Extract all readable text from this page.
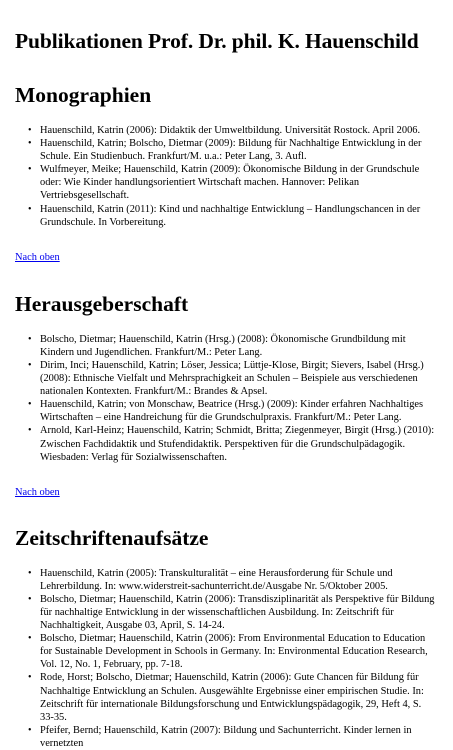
Publikationen Prof. Dr. phil. K. Hauenschild
Monographien
• Hauenschild, Katrin (2006): Didaktik der Umweltbildung. Universität Rostock. April 2006.
• Hauenschild, Katrin; Bolscho, Dietmar (2009): Bildung für Nachhaltige Entwicklung in der Schule. Ein Studienbuch. Frankfurt/M. u.a.: Peter Lang, 3. Aufl.
• Wulfmeyer, Meike; Hauenschild, Katrin (2009): Ökonomische Bildung in der Grundschule oder: Wie Kinder handlungsorientiert Wirtschaft machen. Hannover: Pelikan Vertriebsgesellschaft.
• Hauenschild, Katrin (2011): Kind und nachhaltige Entwicklung – Handlungschancen in der Grundschule. In Vorbereitung.
Nach oben
Herausgeberschaft
• Bolscho, Dietmar; Hauenschild, Katrin (Hrsg.) (2008): Ökonomische Grundbildung mit Kindern und Jugendlichen. Frankfurt/M.: Peter Lang.
• Dirim, Inci; Hauenschild, Katrin; Löser, Jessica; Lüttje-Klose, Birgit; Sievers, Isabel (Hrsg.) (2008): Ethnische Vielfalt und Mehrsprachigkeit an Schulen – Beispiele aus verschiedenen nationalen Kontexten. Frankfurt/M.: Brandes & Apsel.
• Hauenschild, Katrin; von Monschaw, Beatrice (Hrsg.) (2009): Kinder erfahren Nachhaltiges Wirtschaften – eine Handreichung für die Grundschulpraxis. Frankfurt/M.: Peter Lang.
• Arnold, Karl-Heinz; Hauenschild, Katrin; Schmidt, Britta; Ziegenmeyer, Birgit (Hrsg.) (2010): Zwischen Fachdidaktik und Stufendidaktik. Perspektiven für die Grundschulpädagogik. Wiesbaden: Verlag für Sozialwissenschaften.
Nach oben
Zeitschriftenaufsätze
• Hauenschild, Katrin (2005): Transkulturalität – eine Herausforderung für Schule und Lehrerbildung. In: www.widerstreit-sachunterricht.de/Ausgabe Nr. 5/Oktober 2005.
• Bolscho, Dietmar; Hauenschild, Katrin (2006): Transdisziplinarität als Perspektive für Bildung für nachhaltige Entwicklung in der wissenschaftlichen Ausbildung. In: Zeitschrift für Nachhaltigkeit, Ausgabe 03, April, S. 14-24.
• Bolscho, Dietmar; Hauenschild, Katrin (2006): From Environmental Education to Education for Sustainable Development in Schools in Germany. In: Environmental Education Research, Vol. 12, No. 1, February, pp. 7-18.
• Rode, Horst; Bolscho, Dietmar; Hauenschild, Katrin (2006): Gute Chancen für Bildung für Nachhaltige Entwicklung an Schulen. Ausgewählte Ergebnisse einer empirischen Studie. In: Zeitschrift für internationale Bildungsforschung und Entwicklungspädagogik, 29, Heft 4, S. 33-35.
• Pfeifer, Bernd; Hauenschild, Katrin (2007): Bildung und Sachunterricht. Kinder lernen in vernetzten
